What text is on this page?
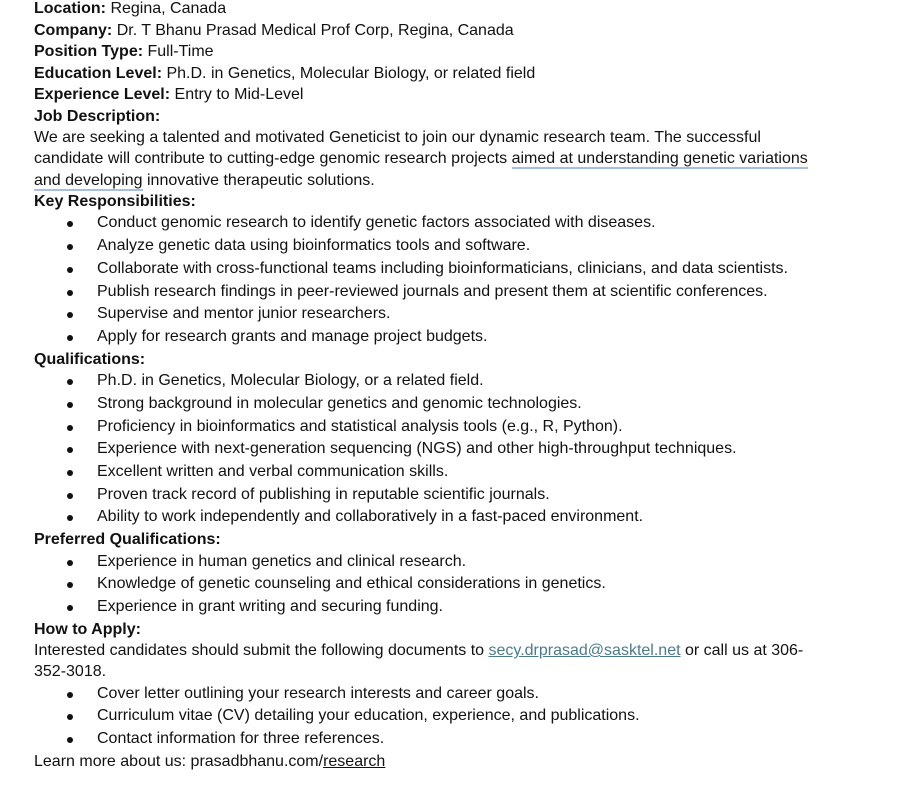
Location: Regina, Canada
Company: Dr. T Bhanu Prasad Medical Prof Corp, Regina, Canada
Position Type: Full-Time
Education Level: Ph.D. in Genetics, Molecular Biology, or related field
Experience Level: Entry to Mid-Level
Job Description:
We are seeking a talented and motivated Geneticist to join our dynamic research team. The successful candidate will contribute to cutting-edge genomic research projects aimed at understanding genetic variations and developing innovative therapeutic solutions.
Key Responsibilities:
Conduct genomic research to identify genetic factors associated with diseases.
Analyze genetic data using bioinformatics tools and software.
Collaborate with cross-functional teams including bioinformaticians, clinicians, and data scientists.
Publish research findings in peer-reviewed journals and present them at scientific conferences.
Supervise and mentor junior researchers.
Apply for research grants and manage project budgets.
Qualifications:
Ph.D. in Genetics, Molecular Biology, or a related field.
Strong background in molecular genetics and genomic technologies.
Proficiency in bioinformatics and statistical analysis tools (e.g., R, Python).
Experience with next-generation sequencing (NGS) and other high-throughput techniques.
Excellent written and verbal communication skills.
Proven track record of publishing in reputable scientific journals.
Ability to work independently and collaboratively in a fast-paced environment.
Preferred Qualifications:
Experience in human genetics and clinical research.
Knowledge of genetic counseling and ethical considerations in genetics.
Experience in grant writing and securing funding.
How to Apply:
Interested candidates should submit the following documents to secy.drprasad@sasktel.net or call us at 306-352-3018.
Cover letter outlining your research interests and career goals.
Curriculum vitae (CV) detailing your education, experience, and publications.
Contact information for three references.
Learn more about us: prasadbhanu.com/research
